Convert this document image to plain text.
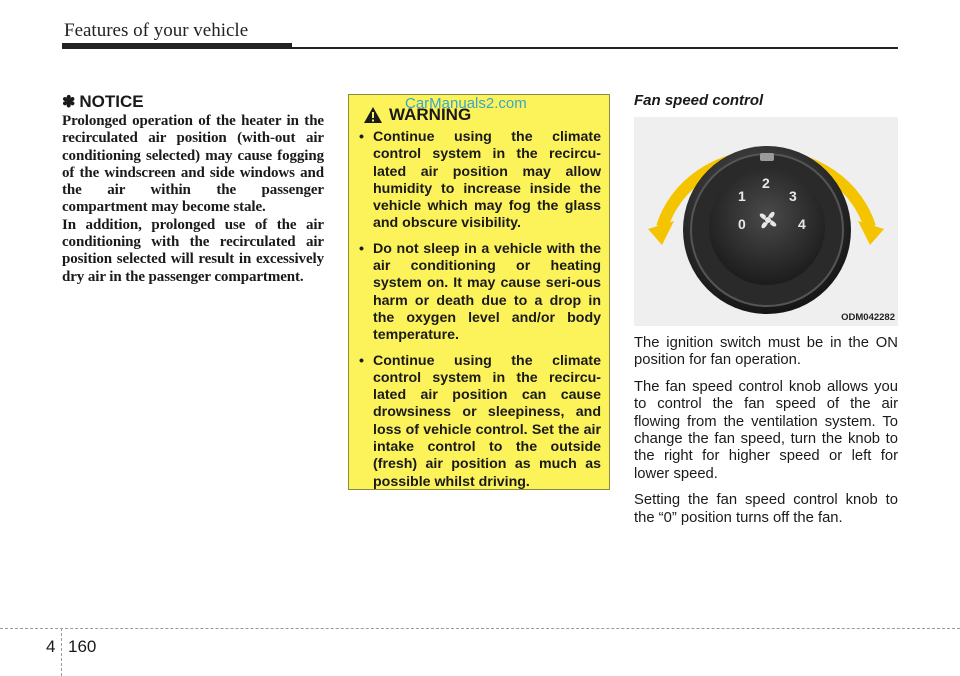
Features of your vehicle
✽ NOTICE

Prolonged operation of the heater in the recirculated air position (with-out air conditioning selected) may cause fogging of the windscreen and side windows and the air within the passenger compartment may become stale.

In addition, prolonged use of the air conditioning with the recirculated air position selected will result in excessively dry air in the passenger compartment.

CarManuals2.com
WARNING
• Continue using the climate control system in the recircu-lated air position may allow humidity to increase inside the vehicle which may fog the glass and obscure visibility.
• Do not sleep in a vehicle with the air conditioning or heating system on. It may cause seri-ous harm or death due to a drop in the oxygen level and/or body temperature.
• Continue using the climate control system in the recircu-lated air position can cause drowsiness or sleepiness, and loss of vehicle control. Set the air intake control to the outside (fresh) air position as much as possible whilst driving.
Fan speed control
0
1
2
3
4
ODM042282

The ignition switch must be in the ON position for fan operation.

The fan speed control knob allows you to control the fan speed of the air flowing from the ventilation system. To change the fan speed, turn the knob to the right for higher speed or left for lower speed.

Setting the fan speed control knob to the “0” position turns off the fan.

4 160
